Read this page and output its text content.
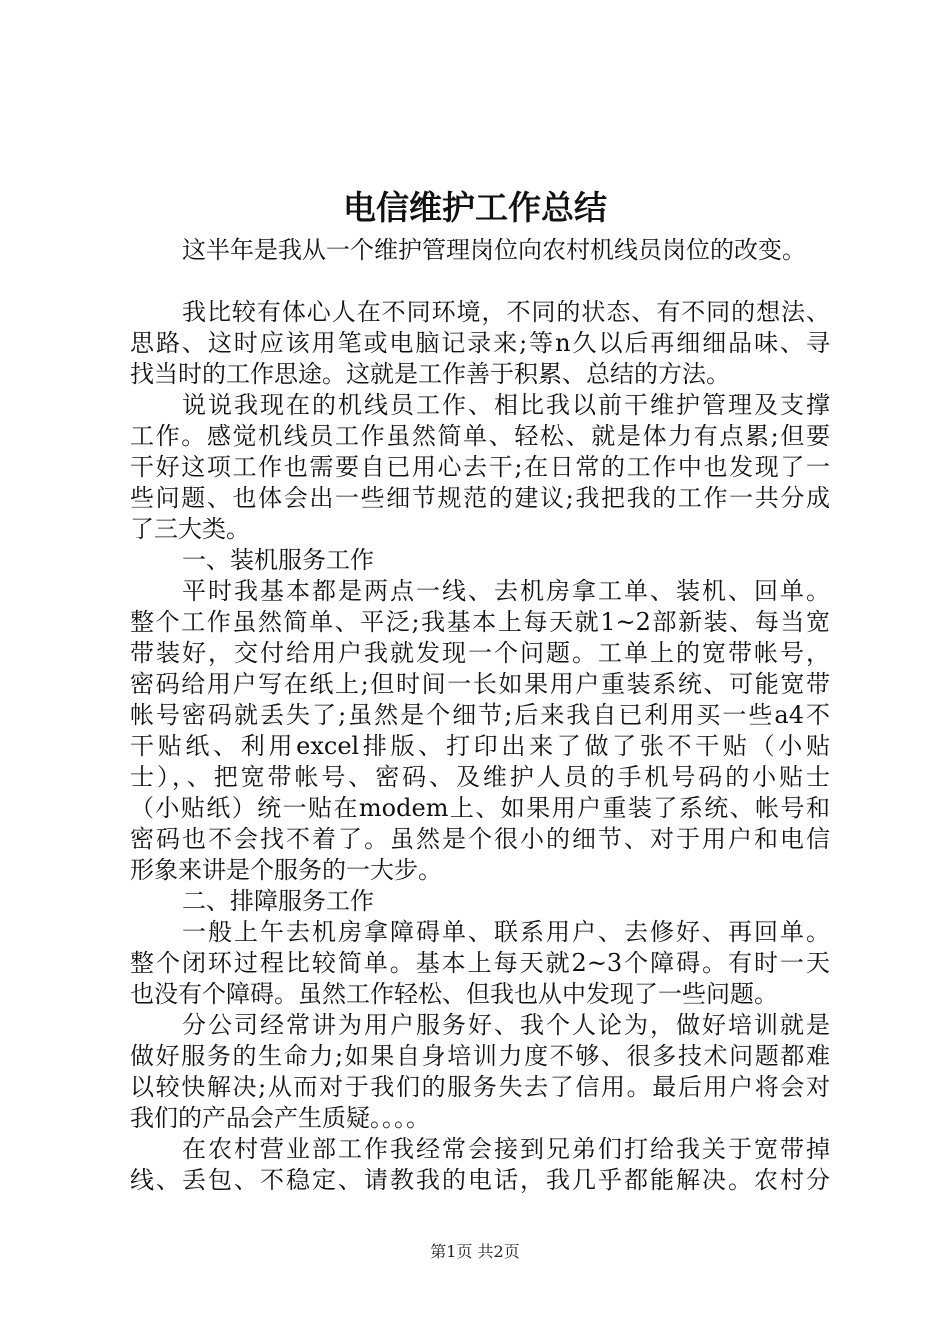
电信维护工作总结
这半年是我从一个维护管理岗位向农村机线员岗位的改变。
我比较有体心人在不同环境，不同的状态、有不同的想法、
思路、这时应该用笔或电脑记录来;等n久以后再细细品味、寻
找当时的工作思途。这就是工作善于积累、总结的方法。
说说我现在的机线员工作、相比我以前干维护管理及支撑
工作。感觉机线员工作虽然简单、轻松、就是体力有点累;但要
干好这项工作也需要自已用心去干;在日常的工作中也发现了一
些问题、也体会出一些细节规范的建议;我把我的工作一共分成
了三大类。
一、装机服务工作
平时我基本都是两点一线、去机房拿工单、装机、回单。
整个工作虽然简单、平泛;我基本上每天就1~2部新装、每当宽
带装好，交付给用户我就发现一个问题。工单上的宽带帐号，
密码给用户写在纸上;但时间一长如果用户重装系统、可能宽带
帐号密码就丢失了;虽然是个细节;后来我自已利用买一些a4不
干贴纸、利用excel排版、打印出来了做了张不干贴（小贴
士），、把宽带帐号、密码、及维护人员的手机号码的小贴士
（小贴纸）统一贴在modem上、如果用户重装了系统、帐号和
密码也不会找不着了。虽然是个很小的细节、对于用户和电信
形象来讲是个服务的一大步。
二、排障服务工作
一般上午去机房拿障碍单、联系用户、去修好、再回单。
整个闭环过程比较简单。基本上每天就2~3个障碍。有时一天
也没有个障碍。虽然工作轻松、但我也从中发现了一些问题。
分公司经常讲为用户服务好、我个人论为，做好培训就是
做好服务的生命力;如果自身培训力度不够、很多技术问题都难
以较快解决;从而对于我们的服务失去了信用。最后用户将会对
我们的产品会产生质疑。。。。
在农村营业部工作我经常会接到兄弟们打给我关于宽带掉
线、丢包、不稳定、请教我的电话，我几乎都能解决。农村分
第1页 共2页
